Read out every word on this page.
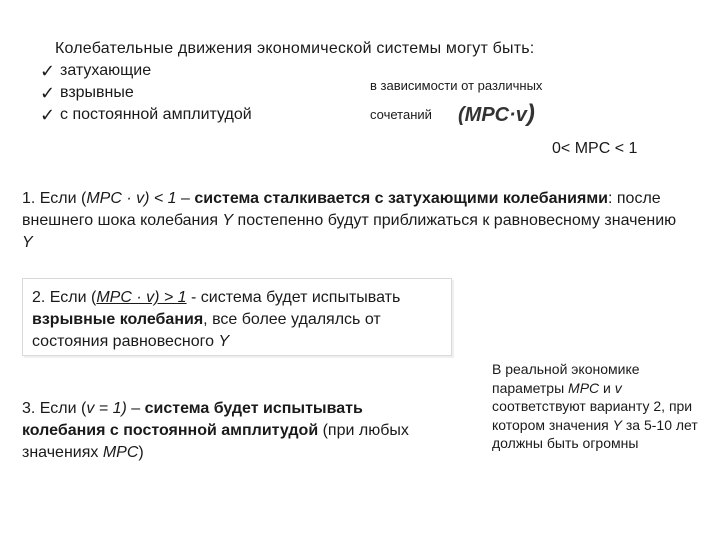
Колебательные движения экономической системы могут быть:
✓ затухающие
✓ взрывные
✓ с постоянной амплитудой
в зависимости от различных
сочетаний (MPC·v)
0< MPC < 1
1. Если (MPC · v) < 1 – система сталкивается с затухающими колебаниями: после внешнего шока колебания Y постепенно будут приближаться к равновесному значению Y
2. Если (MPC · v) > 1 - система будет испытывать взрывные колебания, все более удалялсь от состояния равновесного Y
3. Если (v = 1) – система будет испытывать колебания с постоянной амплитудой (при любых значениях MPC)
В реальной экономике параметры MPC и v соответствуют варианту 2, при котором значения Y за 5-10 лет должны быть огромны
